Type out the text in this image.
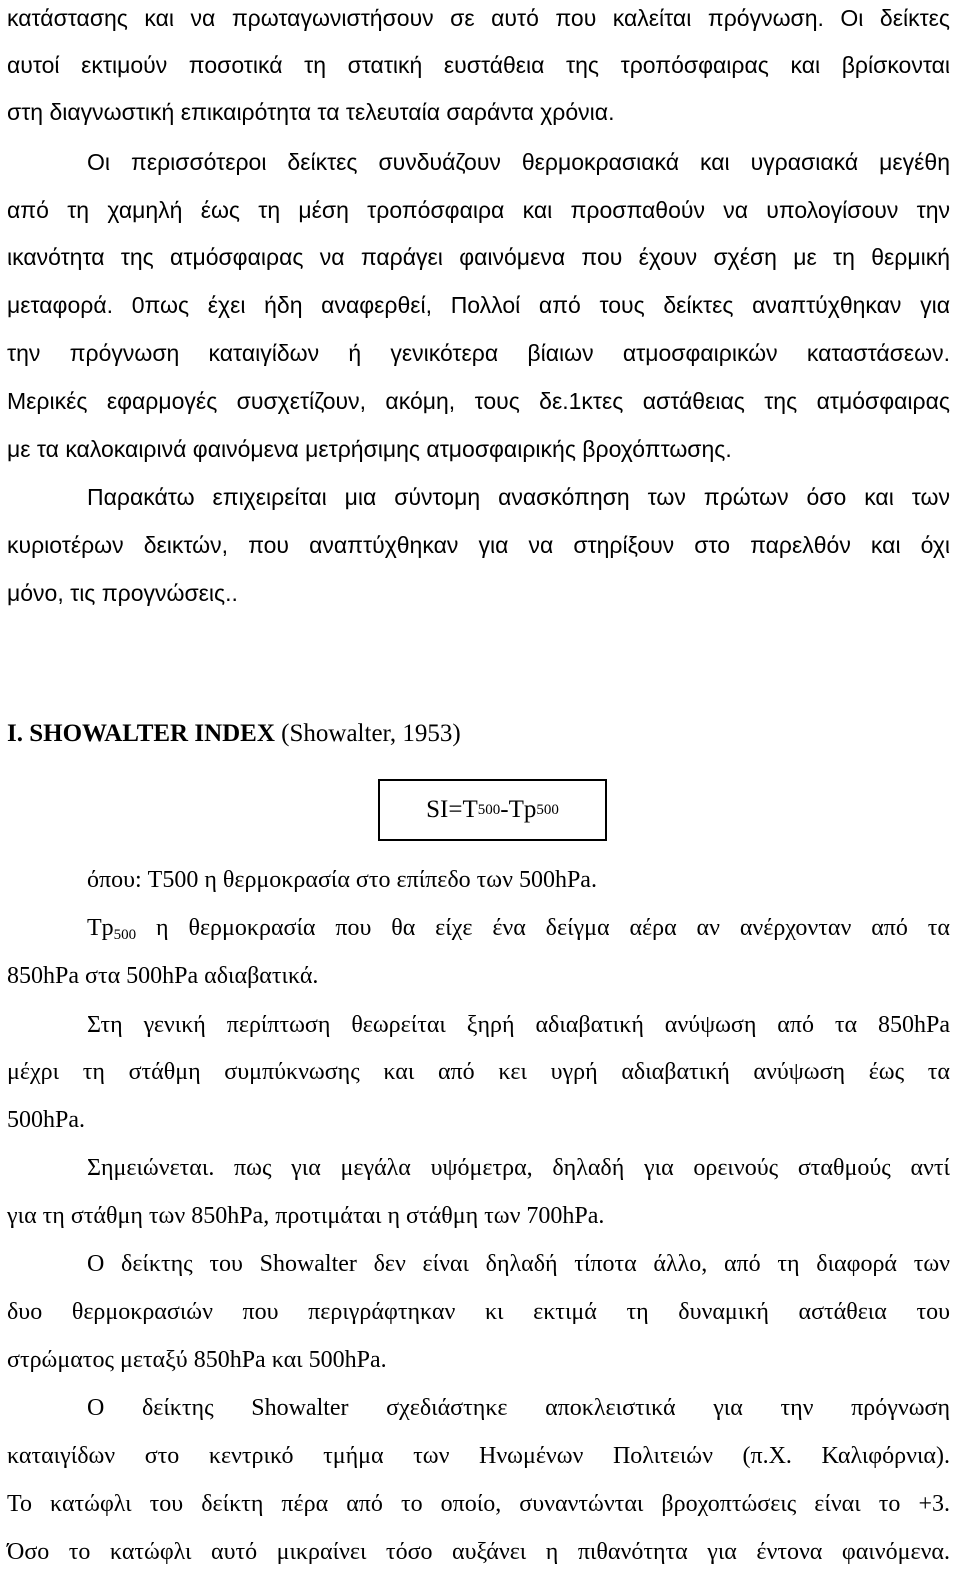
κατάστασης και να πρωταγωνιστήσουν σε αυτό που καλείται πρόγνωση. Οι δείκτες
αυτοί εκτιμούν ποσοτικά τη στατική ευστάθεια της τροπόσφαιρας και βρίσκονται
στη διαγνωστική επικαιρότητα τα τελευταία σαράντα χρόνια.
Οι περισσότεροι δείκτες συνδυάζουν θερμοκρασιακά και υγρασιακά μεγέθη
από τη χαμηλή έως τη μέση τροπόσφαιρα και προσπαθούν να υπολογίσουν την
ικανότητα της ατμόσφαιρας να παράγει φαινόμενα που έχουν σχέση με τη θερμική
μεταφορά. 0πως έχει ήδη αναφερθεί, Πολλοί από τους δείκτες αναπτύχθηκαν για
την πρόγνωση καταιγίδων ή γενικότερα βίαιων ατμοσφαιρικών καταστάσεων.
Μερικές εφαρμογές συσχετίζουν, ακόμη, τους δε.1κτες αστάθειας της ατμόσφαιρας
με τα καλοκαιρινά φαινόμενα μετρήσιμης ατμοσφαιρικής βροχόπτωσης.
Παρακάτω επιχειρείται μια σύντομη ανασκόπηση των πρώτων όσο και των
κυριοτέρων δεικτών, που αναπτύχθηκαν για να στηρίξουν στο παρελθόν και όχι
μόνο, τις προγνώσεις..
I. SHOWALTER INDEX (Showalter, 1953)
SI=T 500 -Tp 500
όπου: T500 η θερμοκρασία στο επίπεδο των 500hPa.
$Tp_{500}$ η θερμοκρασία που θα είχε ένα δείγμα αέρα αν ανέρχονταν από τα
850hPa στα 500hPa αδιαβατικά.
Στη γενική περίπτωση θεωρείται ξηρή αδιαβατική ανύψωση από τα 850hPa
μέχρι τη στάθμη συμπύκνωσης και από κει υγρή αδιαβατική ανύψωση έως τα
500hPa.
Σημειώνεται. πως για μεγάλα υψόμετρα, δηλαδή για ορεινούς σταθμούς αντί
για τη στάθμη των 850hPa, προτιμάται η στάθμη των 700hPa.
Ο δείκτης του Showalter δεν είναι δηλαδή τίποτα άλλο, από τη διαφορά των
δυο θερμοκρασιών που περιγράφτηκαν κι εκτιμά τη δυναμική αστάθεια του
στρώματος μεταξύ 850hPa και 500hPa.
Ο δείκτης Showalter σχεδιάστηκε αποκλειστικά για την πρόγνωση
καταιγίδων στο κεντρικό τμήμα των Ηνωμένων Πολιτειών (π.Χ. Καλιφόρνια).
Το κατώφλι του δείκτη πέρα από το οποίο, συναντώνται βροχοπτώσεις είναι το +3.
Όσο το κατώφλι αυτό μικραίνει τόσο αυξάνει η πιθανότητα για έντονα φαινόμενα.
